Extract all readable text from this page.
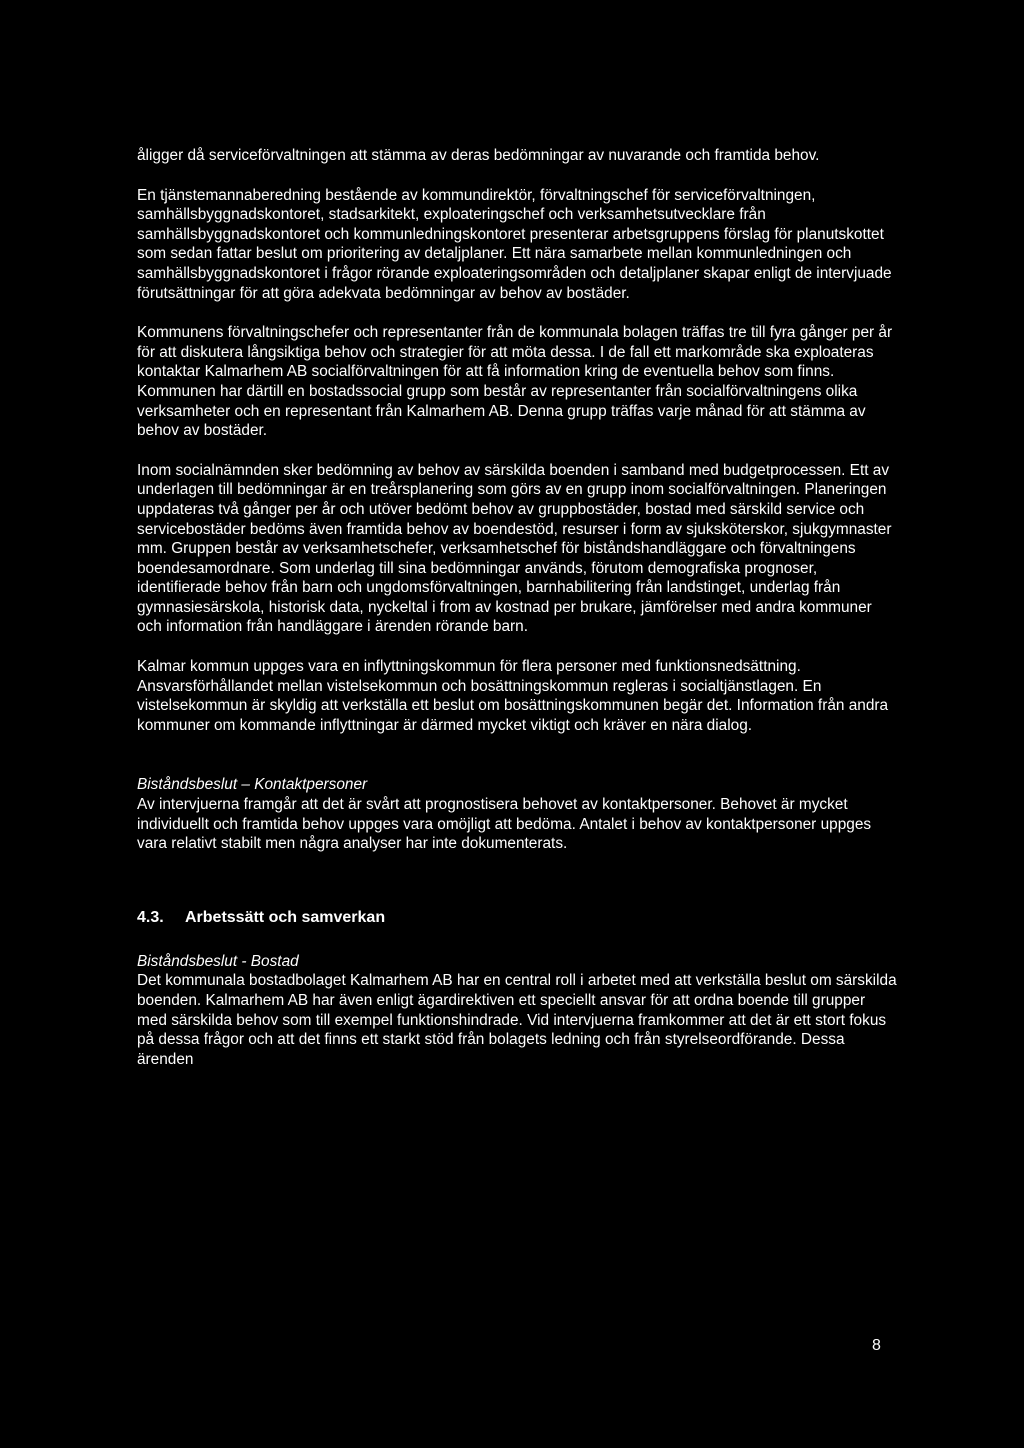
åligger då serviceförvaltningen att stämma av deras bedömningar av nuvarande och framtida behov.

En tjänstemannaberedning bestående av kommundirektör, förvaltningschef för serviceförvaltningen, samhällsbyggnadskontoret, stadsarkitekt, exploateringschef och verksamhetsutvecklare från samhällsbyggnadskontoret och kommunledningskontoret presenterar arbetsgruppens förslag för planutskottet som sedan fattar beslut om prioritering av detaljplaner. Ett nära samarbete mellan kommunledningen och samhällsbyggnadskontoret i frågor rörande exploateringsområden och detaljplaner skapar enligt de intervjuade förutsättningar för att göra adekvata bedömningar av behov av bostäder.

Kommunens förvaltningschefer och representanter från de kommunala bolagen träffas tre till fyra gånger per år för att diskutera långsiktiga behov och strategier för att möta dessa. I de fall ett markområde ska exploateras kontaktar Kalmarhem AB socialförvaltningen för att få information kring de eventuella behov som finns. Kommunen har därtill en bostadssocial grupp som består av representanter från socialförvaltningens olika verksamheter och en representant från Kalmarhem AB. Denna grupp träffas varje månad för att stämma av behov av bostäder.

Inom socialnämnden sker bedömning av behov av särskilda boenden i samband med budgetprocessen. Ett av underlagen till bedömningar är en treårsplanering som görs av en grupp inom socialförvaltningen. Planeringen uppdateras två gånger per år och utöver bedömt behov av gruppbostäder, bostad med särskild service och servicebostäder bedöms även framtida behov av boendestöd, resurser i form av sjuksköterskor, sjukgymnaster mm. Gruppen består av verksamhetschefer, verksamhetschef för biståndshandläggare och förvaltningens boendesamordnare. Som underlag till sina bedömningar används, förutom demografiska prognoser, identifierade behov från barn och ungdomsförvaltningen, barnhabilitering från landstinget, underlag från gymnasiesärskola, historisk data, nyckeltal i from av kostnad per brukare, jämförelser med andra kommuner och information från handläggare i ärenden rörande barn.

Kalmar kommun uppges vara en inflyttningskommun för flera personer med funktionsnedsättning. Ansvarsförhållandet mellan vistelsekommun och bosättningskommun regleras i socialtjänstlagen. En vistelsekommun är skyldig att verkställa ett beslut om bosättningskommunen begär det. Information från andra kommuner om kommande inflyttningar är därmed mycket viktigt och kräver en nära dialog.

Biståndsbeslut – Kontaktpersoner

Av intervjuerna framgår att det är svårt att prognostisera behovet av kontaktpersoner. Behovet är mycket individuellt och framtida behov uppges vara omöjligt att bedöma. Antalet i behov av kontaktpersoner uppges vara relativt stabilt men några analyser har inte dokumenterats.

4.3. Arbetssätt och samverkan

Biståndsbeslut - Bostad

Det kommunala bostadbolaget Kalmarhem AB har en central roll i arbetet med att verkställa beslut om särskilda boenden. Kalmarhem AB har även enligt ägardirektiven ett speciellt ansvar för att ordna boende till grupper med särskilda behov som till exempel funktionshindrade. Vid intervjuerna framkommer att det är ett stort fokus på dessa frågor och att det finns ett starkt stöd från bolagets ledning och från styrelseordförande. Dessa ärenden

8
